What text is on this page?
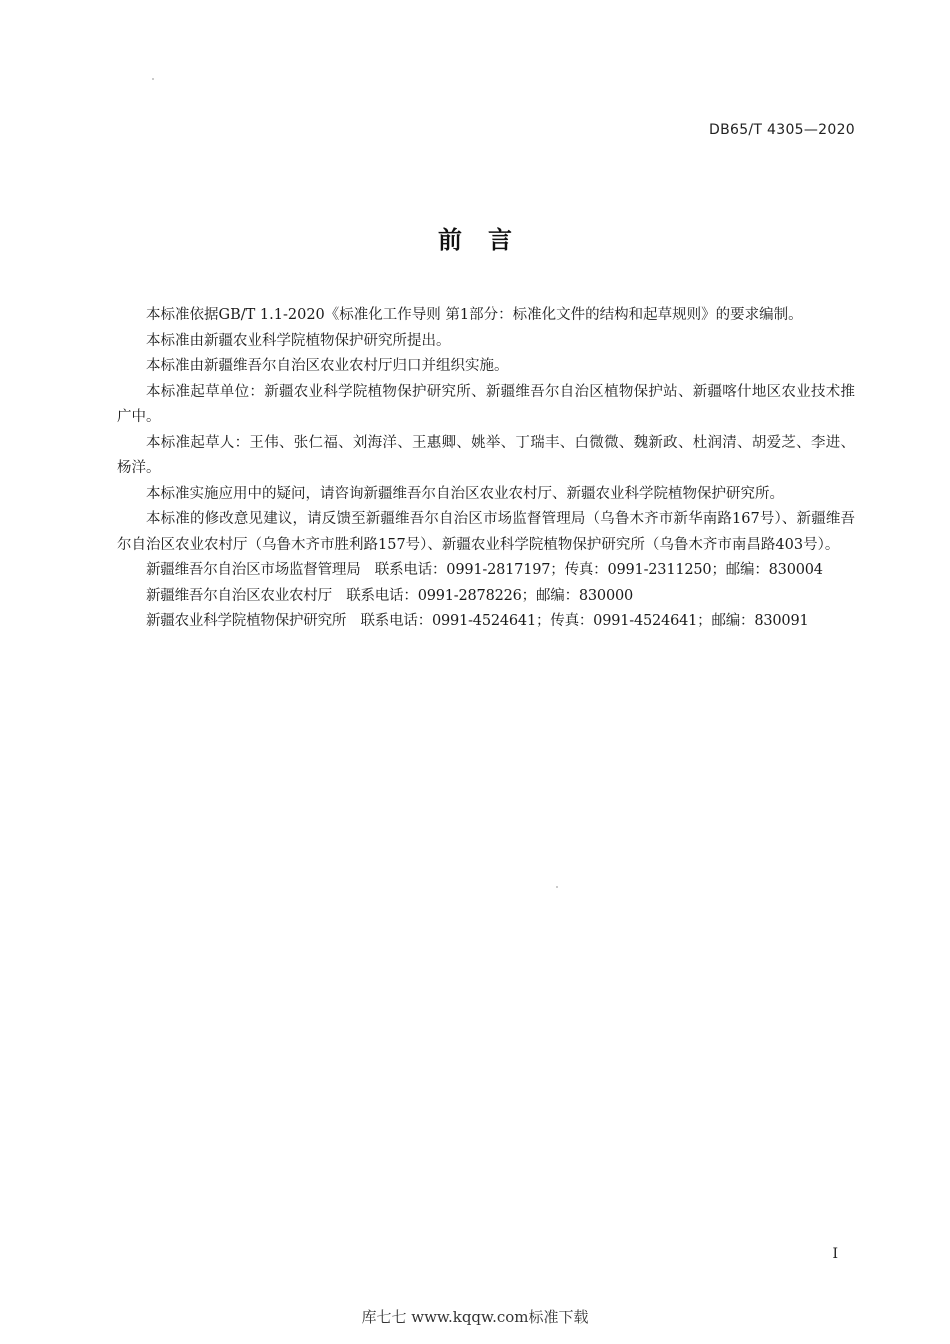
DB65/T 4305—2020
前言

本标准依据GB/T 1.1-2020《标准化工作导则 第1部分：标准化文件的结构和起草规则》的要求编制。

本标准由新疆农业科学院植物保护研究所提出。

本标准由新疆维吾尔自治区农业农村厅归口并组织实施。

本标准起草单位：新疆农业科学院植物保护研究所、新疆维吾尔自治区植物保护站、新疆喀什地区农业技术推广中。

本标准起草人：王伟、张仁福、刘海洋、王惠卿、姚举、丁瑞丰、白微微、魏新政、杜润清、胡爱芝、李进、杨洋。

本标准实施应用中的疑问，请咨询新疆维吾尔自治区农业农村厅、新疆农业科学院植物保护研究所。

本标准的修改意见建议，请反馈至新疆维吾尔自治区市场监督管理局（乌鲁木齐市新华南路167号）、新疆维吾尔自治区农业农村厅（乌鲁木齐市胜利路157号）、新疆农业科学院植物保护研究所（乌鲁木齐市南昌路403号）。

新疆维吾尔自治区市场监督管理局　联系电话：0991-2817197；传真：0991-2311250；邮编：830004

新疆维吾尔自治区农业农村厅　联系电话：0991-2878226；邮编：830000

新疆农业科学院植物保护研究所　联系电话：0991-4524641；传真：0991-4524641；邮编：830091

I
库七七 www.kqqw.com标准下载
